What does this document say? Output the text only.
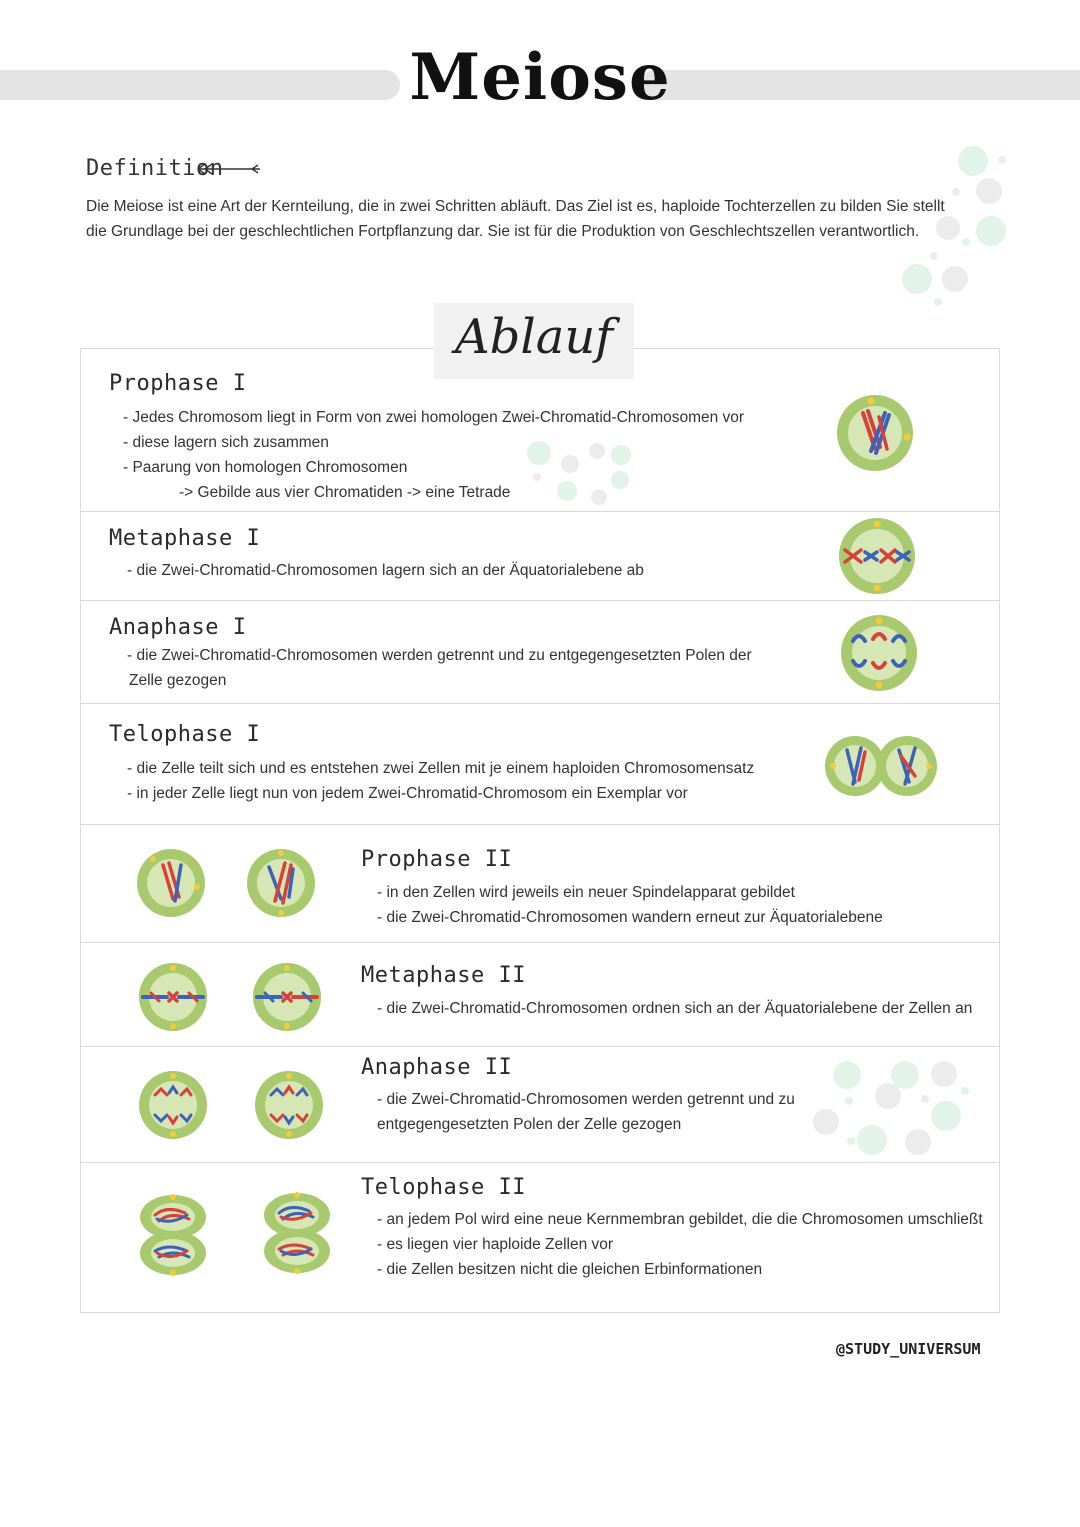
Meiose
Definition
Die Meiose ist eine Art der Kernteilung, die in zwei Schritten abläuft. Das Ziel ist es, haploide Tochterzellen zu bilden Sie stellt
die Grundlage bei der geschlechtlichen Fortpflanzung dar. Sie ist für die Produktion von Geschlechtszellen verantwortlich.
Prophase I
- Jedes Chromosom liegt in Form von zwei homologen Zwei-Chromatid-Chromosomen vor
- diese lagern sich zusammen
- Paarung von homologen Chromosomen
-> Gebilde aus vier Chromatiden -> eine Tetrade
Metaphase I
- die Zwei-Chromatid-Chromosomen lagern sich an der Äquatorialebene ab
Anaphase I
- die Zwei-Chromatid-Chromosomen werden getrennt und zu entgegengesetzten Polen der
Zelle gezogen
Telophase I
- die Zelle teilt sich und es entstehen zwei Zellen mit je einem haploiden Chromosomensatz
- in jeder Zelle liegt nun von jedem Zwei-Chromatid-Chromosom ein Exemplar vor
Prophase II
- in den Zellen wird jeweils ein neuer Spindelapparat gebildet
- die Zwei-Chromatid-Chromosomen wandern erneut zur Äquatorialebene
Metaphase II
- die Zwei-Chromatid-Chromosomen ordnen sich an der Äquatorialebene der Zellen an
Anaphase II
- die Zwei-Chromatid-Chromosomen werden getrennt und zu
entgegengesetzten Polen der Zelle gezogen
Telophase II
- an jedem Pol wird eine neue Kernmembran gebildet, die die Chromosomen umschließt
- es liegen vier haploide Zellen vor
- die Zellen besitzen nicht die gleichen Erbinformationen
Ablauf
@STUDY_UNIVERSUM
